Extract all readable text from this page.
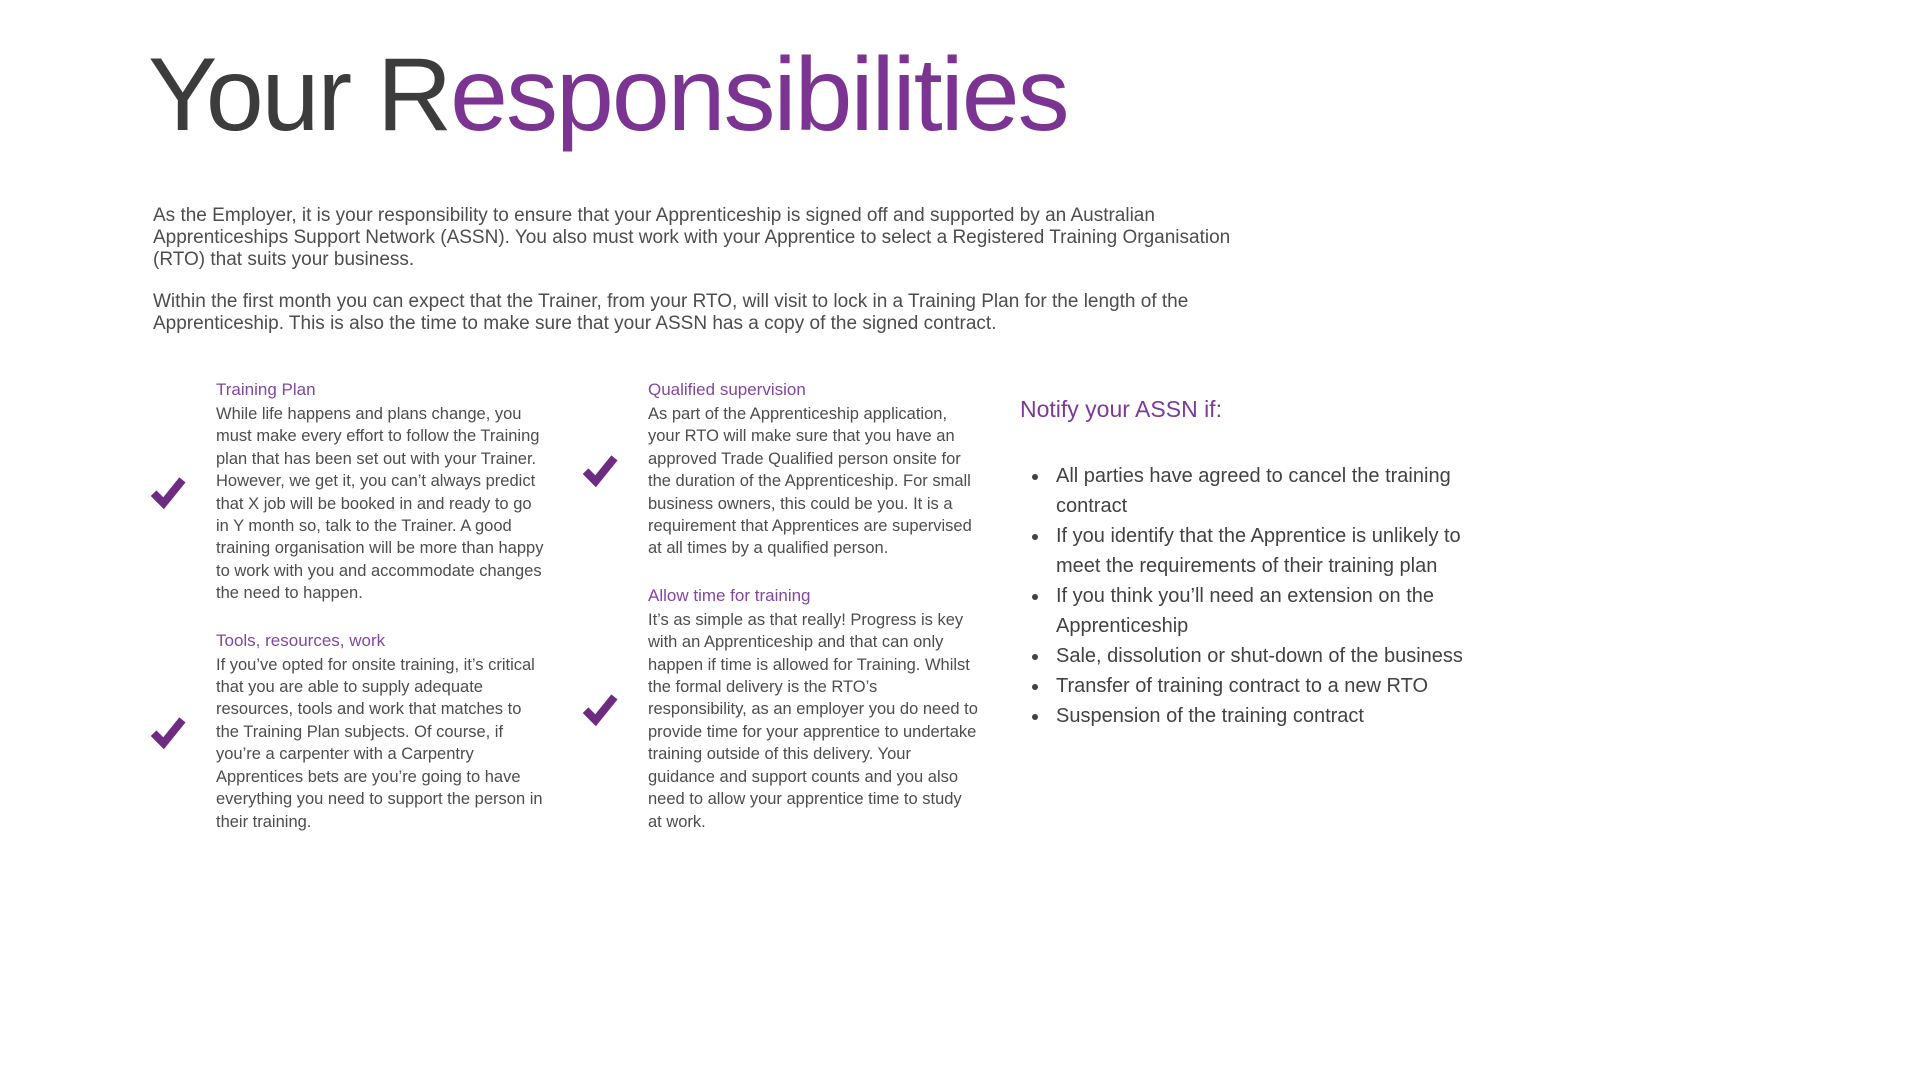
Your Responsibilities

As the Employer, it is your responsibility to ensure that your Apprenticeship is signed off and supported by an Australian Apprenticeships Support Network (ASSN). You also must work with your Apprentice to select a Registered Training Organisation (RTO) that suits your business.

Within the first month you can expect that the Trainer, from your RTO, will visit to lock in a Training Plan for the length of the Apprenticeship. This is also the time to make sure that your ASSN has a copy of the signed contract.

Training Plan

While life happens and plans change, you must make every effort to follow the Training plan that has been set out with your Trainer. However, we get it, you can’t always predict that X job will be booked in and ready to go in Y month so, talk to the Trainer. A good training organisation will be more than happy to work with you and accommodate changes the need to happen.

Tools, resources, work

If you’ve opted for onsite training, it’s critical that you are able to supply adequate resources, tools and work that matches to the Training Plan subjects. Of course, if you’re a carpenter with a Carpentry Apprentices bets are you’re going to have everything you need to support the person in their training.

Qualified supervision

As part of the Apprenticeship application, your RTO will make sure that you have an approved Trade Qualified person onsite for the duration of the Apprenticeship. For small business owners, this could be you. It is a requirement that Apprentices are supervised at all times by a qualified person.

Allow time for training

It’s as simple as that really! Progress is key with an Apprenticeship and that can only happen if time is allowed for Training. Whilst the formal delivery is the RTO’s responsibility, as an employer you do need to provide time for your apprentice to undertake training outside of this delivery. Your guidance and support counts and you also need to allow your apprentice time to study at work.

Notify your ASSN if:
• All parties have agreed to cancel the training contract
• If you identify that the Apprentice is unlikely to meet the requirements of their training plan
• If you think you’ll need an extension on the Apprenticeship
• Sale, dissolution or shut-down of the business
• Transfer of training contract to a new RTO
• Suspension of the training contract
